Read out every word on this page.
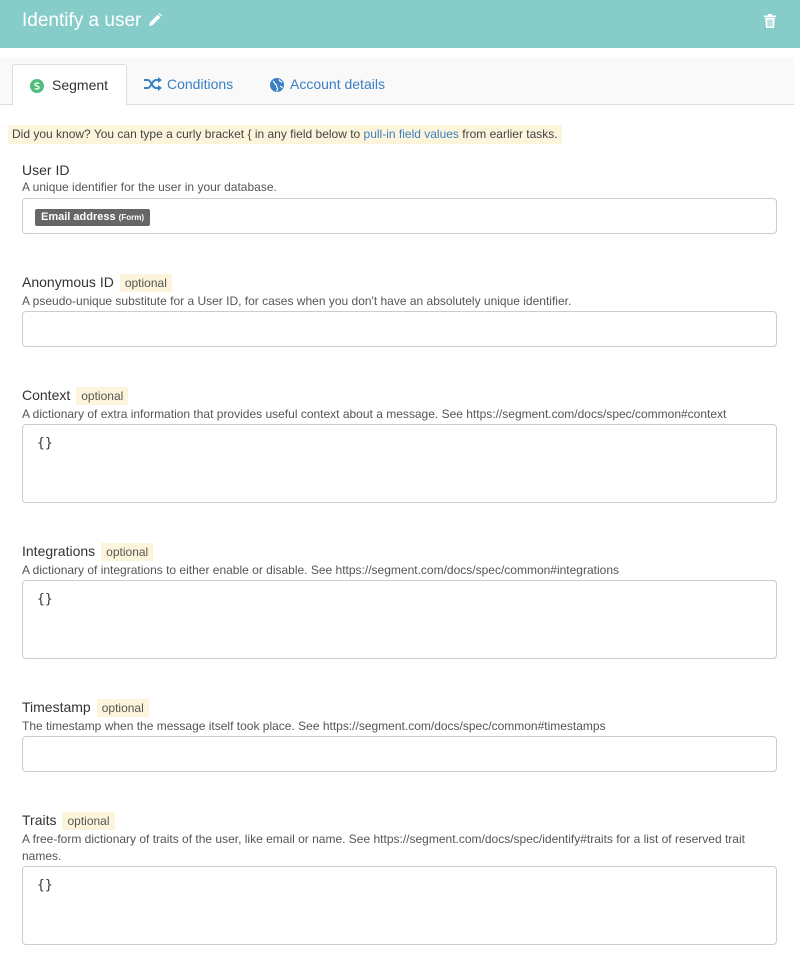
Identify a user
Segment	Conditions	Account details
Did you know? You can type a curly bracket { in any field below to pull-in field values from earlier tasks.
User ID
A unique identifier for the user in your database.
Email address (Form)
Anonymous ID optional
A pseudo-unique substitute for a User ID, for cases when you don't have an absolutely unique identifier.
Context optional
A dictionary of extra information that provides useful context about a message. See https://segment.com/docs/spec/common#context
{}
Integrations optional
A dictionary of integrations to either enable or disable. See https://segment.com/docs/spec/common#integrations
{}
Timestamp optional
The timestamp when the message itself took place. See https://segment.com/docs/spec/common#timestamps
Traits optional
A free-form dictionary of traits of the user, like email or name. See https://segment.com/docs/spec/identify#traits for a list of reserved trait names.
{}
